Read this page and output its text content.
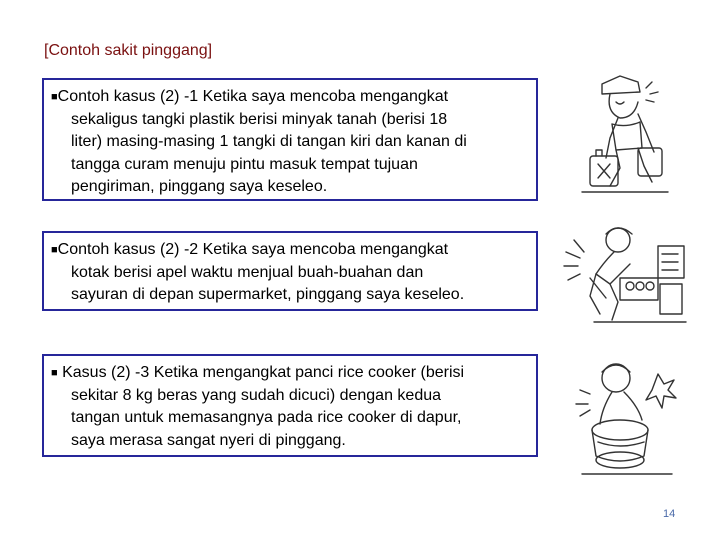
[Contoh sakit pinggang]
■Contoh kasus (2) -1 Ketika saya mencoba mengangkat
sekaligus tangki plastik berisi minyak tanah (berisi 18
liter) masing-masing 1 tangki di tangan kiri dan kanan di
tangga curam menuju pintu masuk tempat tujuan
pengiriman, pinggang saya keseleo.
■Contoh kasus (2) -2 Ketika saya mencoba mengangkat
kotak berisi apel waktu menjual buah-buahan dan
sayuran di depan supermarket, pinggang saya keseleo.
■ Kasus (2) -3 Ketika mengangkat panci rice cooker (berisi
sekitar 8 kg beras yang sudah dicuci) dengan kedua
tangan untuk memasangnya pada rice cooker di dapur,
saya merasa sangat nyeri di pinggang.
14
